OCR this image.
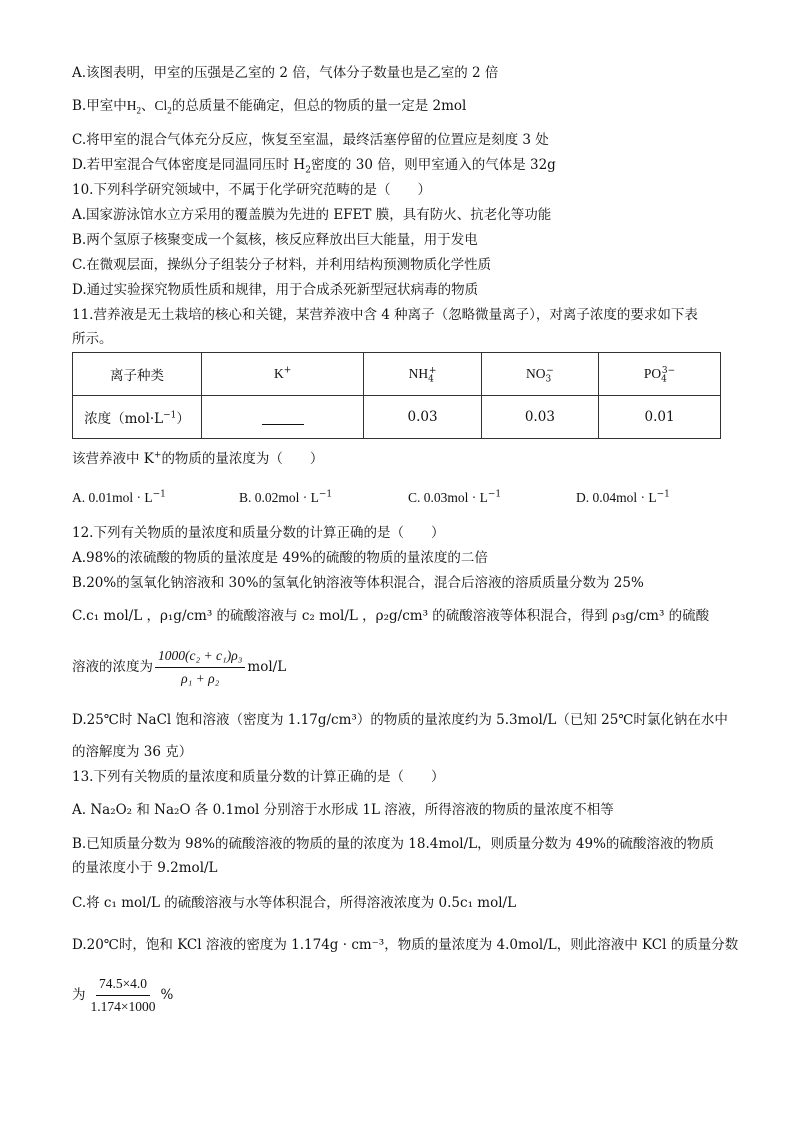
A.该图表明，甲室的压强是乙室的 2 倍，气体分子数量也是乙室的 2 倍
B.甲室中$H_2$、$Cl_2$的总质量不能确定，但总的物质的量一定是 2mol
C.将甲室的混合气体充分反应，恢复至室温，最终活塞停留的位置应是刻度 3 处
D.若甲室混合气体密度是同温同压时 $H_2$密度的 30 倍，则甲室通入的气体是 32g
10.下列科学研究领域中，不属于化学研究范畴的是（　　）
A.国家游泳馆水立方采用的覆盖膜为先进的 EFET 膜，具有防火、抗老化等功能
B.两个氢原子核聚变成一个氦核，核反应释放出巨大能量，用于发电
C.在微观层面，操纵分子组装分子材料，并利用结构预测物质化学性质
D.通过实验探究物质性质和规律，用于合成杀死新型冠状病毒的物质
11.营养液是无土栽培的核心和关键，某营养液中含 4 种离子（忽略微量离子），对离子浓度的要求如下表
所示。
离子种类	K+	$NH_4^+$	$NO_3^-$	$PO_4^{3-}$
浓度$(mol\cdot L^{-1})$		0.03	0.03	0.01
该营养液中 K+的物质的量浓度为（　　）
A. $0.01mol \cdot L^{-1}$	B. $0.02mol \cdot L^{-1}$	C. $0.03mol \cdot L^{-1}$	D. $0.04mol \cdot L^{-1}$
12.下列有关物质的量浓度和质量分数的计算正确的是（　　）
A.98%的浓硫酸的物质的量浓度是 49%的硫酸的物质的量浓度的二倍
B.20%的氢氧化钠溶液和 30%的氢氧化钠溶液等体积混合，混合后溶液的溶质质量分数为 25%
C.c₁ mol/L ，ρ₁g/cm³ 的硫酸溶液与 c₂ mol/L ，ρ₂g/cm³ 的硫酸溶液等体积混合，得到 ρ₃g/cm³ 的硫酸
溶液的浓度为 $\frac{\text{1000(c₂ + c₁)ρ₃}}{\text{ρ₁ + ρ₂}} mol/L$
D.25℃时 NaCl 饱和溶液（密度为 1.17g/cm³）的物质的量浓度约为 5.3mol/L（已知 25℃时氯化钠在水中
的溶解度为 36 克）
13.下列有关物质的量浓度和质量分数的计算正确的是（　　）
A. Na₂O₂ 和 Na₂O 各 0.1mol 分别溶于水形成 1L 溶液，所得溶液的物质的量浓度不相等
B.已知质量分数为 98%的硫酸溶液的物质的量的浓度为 18.4mol/L，则质量分数为 49%的硫酸溶液的物质
的量浓度小于 9.2mol/L
C.将 c₁ mol/L 的硫酸溶液与水等体积混合，所得溶液浓度为 0.5c₁ mol/L
D.20℃时，饱和 KCl 溶液的密度为 1.174g · cm⁻³，物质的量浓度为 4.0mol/L，则此溶液中 KCl 的质量分数
为 $\frac{74.5\times 4.0}{1.174\times 1000}$ %
